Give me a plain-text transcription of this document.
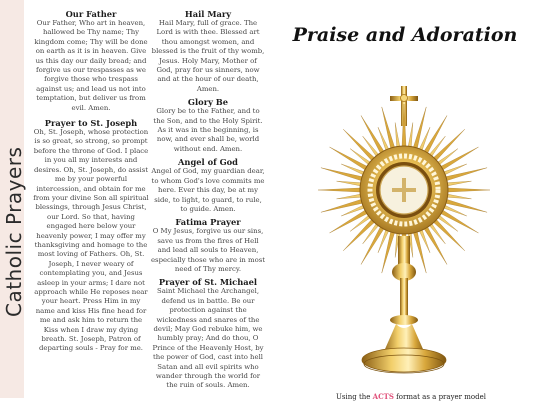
Catholic Prayers

Our Father

Our Father, Who art in heaven, hallowed be Thy name; Thy kingdom come; Thy will be done on earth as it is in heaven. Give us this day our daily bread; and forgive us our trespasses as we forgive those who trespass against us; and lead us not into temptation, but deliver us from evil. Amen.

Prayer to St. Joseph

Oh, St. Joseph, whose protection is so great, so strong, so prompt before the throne of God. I place in you all my interests and desires. Oh, St. Joseph, do assist me by your powerful intercession, and obtain for me from your divine Son all spiritual blessings, through Jesus Christ, our Lord. So that, having engaged here below your heavenly power, I may offer my thanksgiving and homage to the most loving of Fathers. Oh, St. Joseph, I never weary of contemplating you, and Jesus asleep in your arms; I dare not approach while He reposes near your heart. Press Him in my name and kiss His fine head for me and ask him to return the Kiss when I draw my dying breath. St. Joseph, Patron of departing souls - Pray for me.

Hail Mary

Hail Mary, full of grace. The Lord is with thee. Blessed art thou amongst women, and blessed is the fruit of thy womb, Jesus. Holy Mary, Mother of God, pray for us sinners, now and at the hour of our death, Amen.

Glory Be

Glory be to the Father, and to the Son, and to the Holy Spirit. As it was in the beginning, is now, and ever shall be, world without end. Amen.

Angel of God

Angel of God, my guardian dear, to whom God's love commits me here. Ever this day, be at my side, to light, to guard, to rule, to guide. Amen.

Fatima Prayer

O My Jesus, forgive us our sins, save us from the fires of Hell and lead all souls to Heaven, especially those who are in most need of Thy mercy.

Prayer of St. Michael

Saint Michael the Archangel, defend us in battle. Be our protection against the wickedness and snares of the devil; May God rebuke him, we humbly pray; And do thou, O Prince of the Heavenly Host, by the power of God, cast into hell Satan and all evil spirits who wander through the world for the ruin of souls. Amen.

Praise and Adoration
Using the ACTS format as a prayer model
